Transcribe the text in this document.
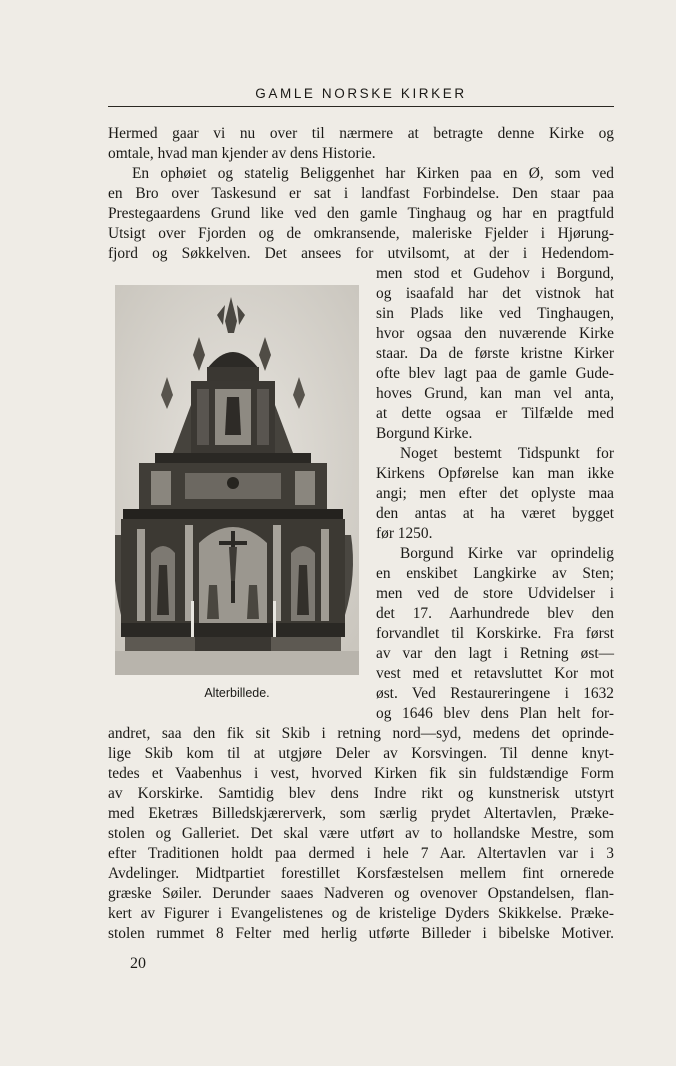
GAMLE NORSKE KIRKER
Hermed gaar vi nu over til nærmere at betragte denne Kirke og
omtale, hvad man kjender av dens Historie.
En ophøiet og statelig Beliggenhet har Kirken paa en Ø, som ved
en Bro over Taskesund er sat i landfast Forbindelse. Den staar paa
Prestegaardens Grund like ved den gamle Tinghaug og har en pragtfuld
Utsigt over Fjorden og de omkransende, maleriske Fjelder i Hjørung-
fjord og Søkkelven. Det ansees for utvilsomt, at der i Hedendom-
men stod et Gudehov i Borgund,
og isaafald har det vistnok hat
sin Plads like ved Tinghaugen,
hvor ogsaa den nuværende Kirke
staar. Da de første kristne Kirker
ofte blev lagt paa de gamle Gude-
hoves Grund, kan man vel anta,
at dette ogsaa er Tilfælde med
Borgund Kirke.
Noget bestemt Tidspunkt for
Kirkens Opførelse kan man ikke
angi; men efter det oplyste maa
den antas at ha været bygget
før 1250.
Borgund Kirke var oprindelig
en enskibet Langkirke av Sten;
men ved de store Udvidelser i
det 17. Aarhundrede blev den
forvandlet til Korskirke. Fra først
av var den lagt i Retning øst—
vest med et retavsluttet Kor mot
øst. Ved Restaureringene i 1632
og 1646 blev dens Plan helt for-
Alterbillede.
andret, saa den fik sit Skib i retning nord—syd, medens det oprinde-
lige Skib kom til at utgjøre Deler av Korsvingen. Til denne knyt-
tedes et Vaabenhus i vest, hvorved Kirken fik sin fuldstændige Form
av Korskirke. Samtidig blev dens Indre rikt og kunstnerisk utstyrt
med Eketræs Billedskjærerverk, som særlig prydet Altertavlen, Præke-
stolen og Galleriet. Det skal være utført av to hollandske Mestre, som
efter Traditionen holdt paa dermed i hele 7 Aar. Altertavlen var i 3
Avdelinger. Midtpartiet forestillet Korsfæstelsen mellem fint ornerede
græske Søiler. Derunder saaes Nadveren og ovenover Opstandelsen, flan-
kert av Figurer i Evangelistenes og de kristelige Dyders Skikkelse. Præke-
stolen rummet 8 Felter med herlig utførte Billeder i bibelske Motiver.
20
